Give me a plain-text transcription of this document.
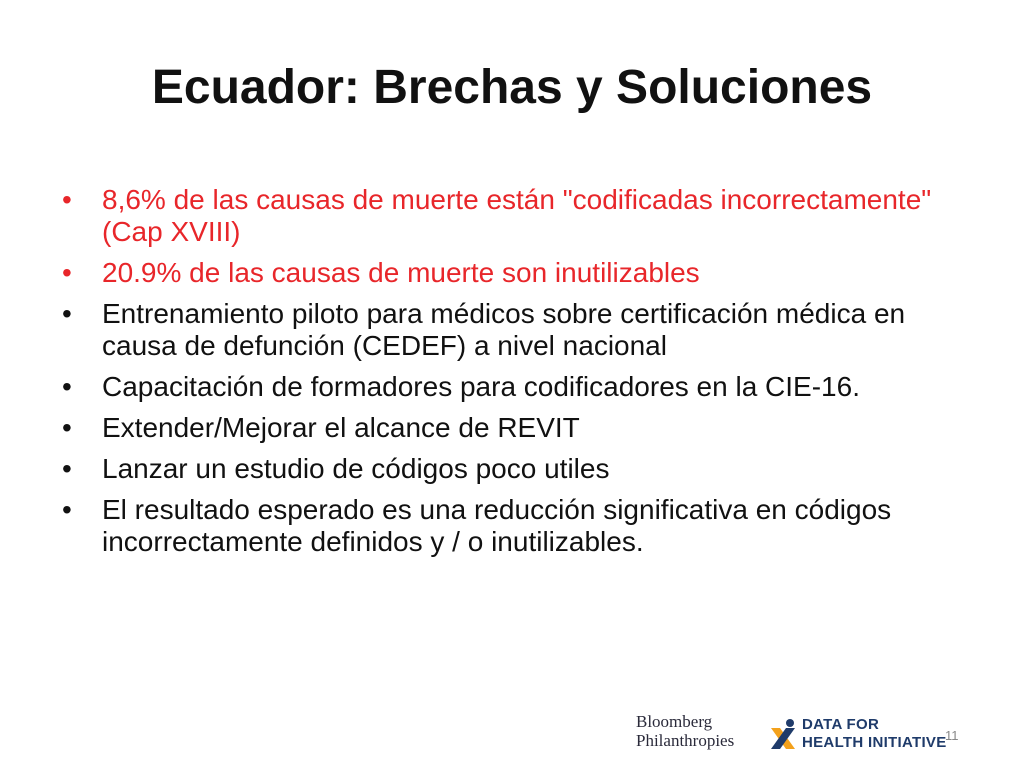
Ecuador: Brechas y Soluciones
• 8,6% de las causas de muerte están "codificadas incorrectamente" (Cap XVIII)
• 20.9% de las causas de muerte son inutilizables
• Entrenamiento piloto para médicos sobre certificación médica en causa de defunción (CEDEF) a nivel nacional
• Capacitación de formadores para codificadores en la CIE-16.
• Extender/Mejorar el alcance de REVIT
• Lanzar un estudio de códigos poco utiles
• El resultado esperado es una reducción significativa en códigos incorrectamente definidos y / o inutilizables.
Bloomberg
Philanthropies
DATA FOR
HEALTH INITIATIVE
11
